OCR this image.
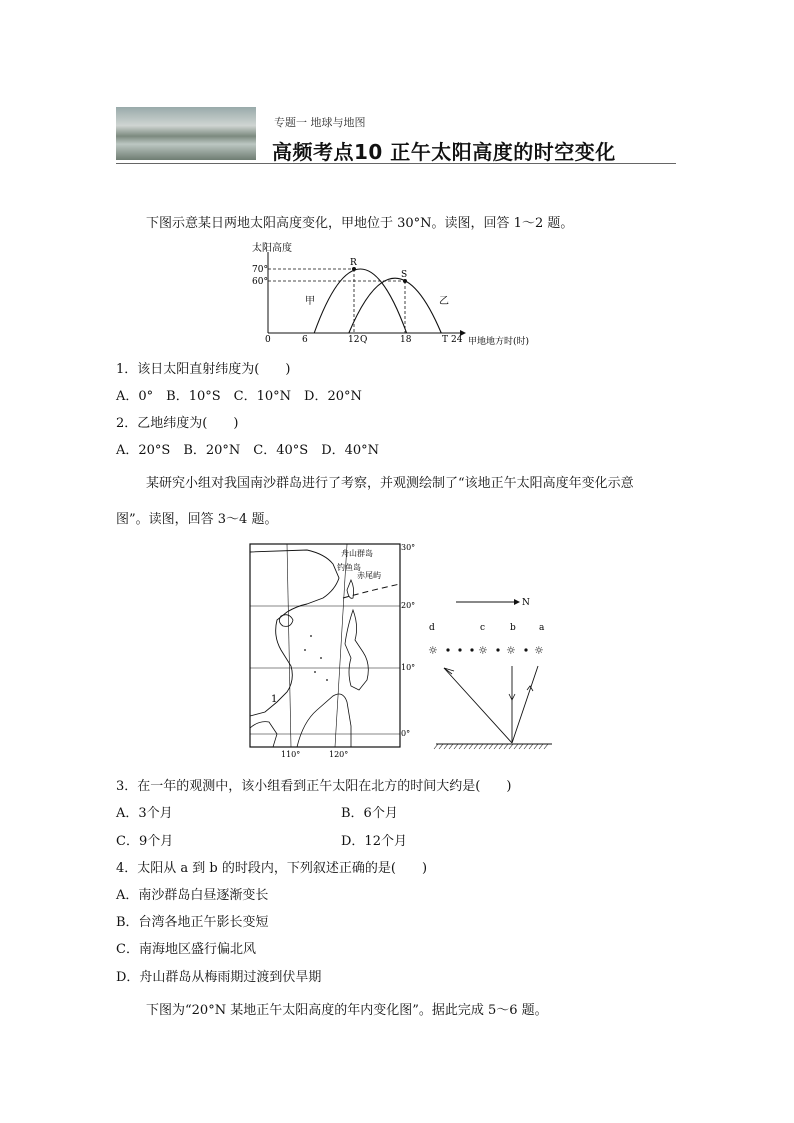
专题一 地球与地图
高频考点10 正午太阳高度的时空变化
下图示意某日两地太阳高度变化，甲地位于 30°N。读图，回答 1～2 题。
太阳高度
70°
60°
R
S
甲	乙
0	6	12 Q	18	T 24 甲地地方时(时)
1．该日太阳直射纬度为(　　)
A．0°　B．10°S　C．10°N　D．20°N
2．乙地纬度为(　　)
A．20°S　B．20°N　C．40°S　D．40°N
某研究小组对我国南沙群岛进行了考察，并观测绘制了“该地正午太阳高度年变化示意
图”。读图，回答 3～4 题。
1
舟山群岛
钓鱼岛
赤尾屿
30°
20°
10°
0°
110°	120°
N
d	c	b	a
☼	☼ ☼ ☼
3．在一年的观测中，该小组看到正午太阳在北方的时间大约是(　　)
A．3个月	B．6个月
C．9个月	D．12个月
4．太阳从 a 到 b 的时段内，下列叙述正确的是(　　)
A．南沙群岛白昼逐渐变长
B．台湾各地正午影长变短
C．南海地区盛行偏北风
D．舟山群岛从梅雨期过渡到伏旱期
下图为“20°N 某地正午太阳高度的年内变化图”。据此完成 5～6 题。
